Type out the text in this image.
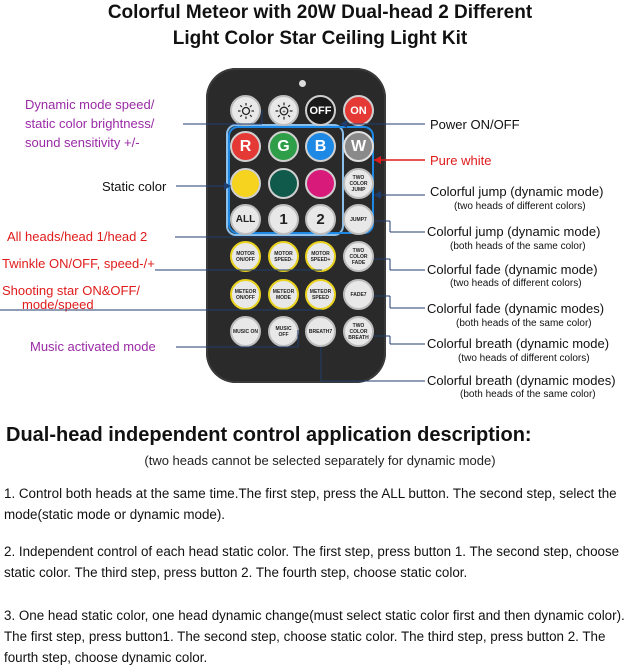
Colorful Meteor with 20W Dual-head 2 Different
Light Color Star Ceiling Light Kit
+ OFF ON
R G B W
TWO COLOR JUMP
ALL 1 2	JUMP7
MOTOR ON/OFF
MOTOR SPEED-
MOTOR SPEED+
TWO COLOR FADE
METEOR ON/OFF
METEOR MODE
METEOR SPEED	FADE7
MUSIC ON	MUSIC OFF	BREATH7
TWO COLOR BREATH
Dynamic mode speed/
static color brightness/
sound sensitivity +/-
Static color
All heads/head 1/head 2
Twinkle ON/OFF, speed-/+
Shooting star ON&OFF/
mode/speed
Music activated mode
Power ON/OFF
Pure white
Colorful jump (dynamic mode)
(two heads of different colors)
Colorful jump (dynamic mode)
(both heads of the same color)
Colorful fade (dynamic mode)
(two heads of different colors)
Colorful fade (dynamic modes)
(both heads of the same color)
Colorful breath (dynamic mode)
(two heads of different colors)
Colorful breath (dynamic modes)
(both heads of the same color)
Dual-head independent control application description:
(two heads cannot be selected separately for dynamic mode)
1. Control both heads at the same time.The first step, press the ALL button. The second step, select the mode(static mode or dynamic mode).
2. Independent control of each head static color. The first step, press button 1. The second step, choose static color. The third step, press button 2. The fourth step, choose static color.
3. One head static color, one head dynamic change(must select static color first and then dynamic color). The first step, press button1. The second step, choose static color. The third step, press button 2. The fourth step, choose dynamic color.
